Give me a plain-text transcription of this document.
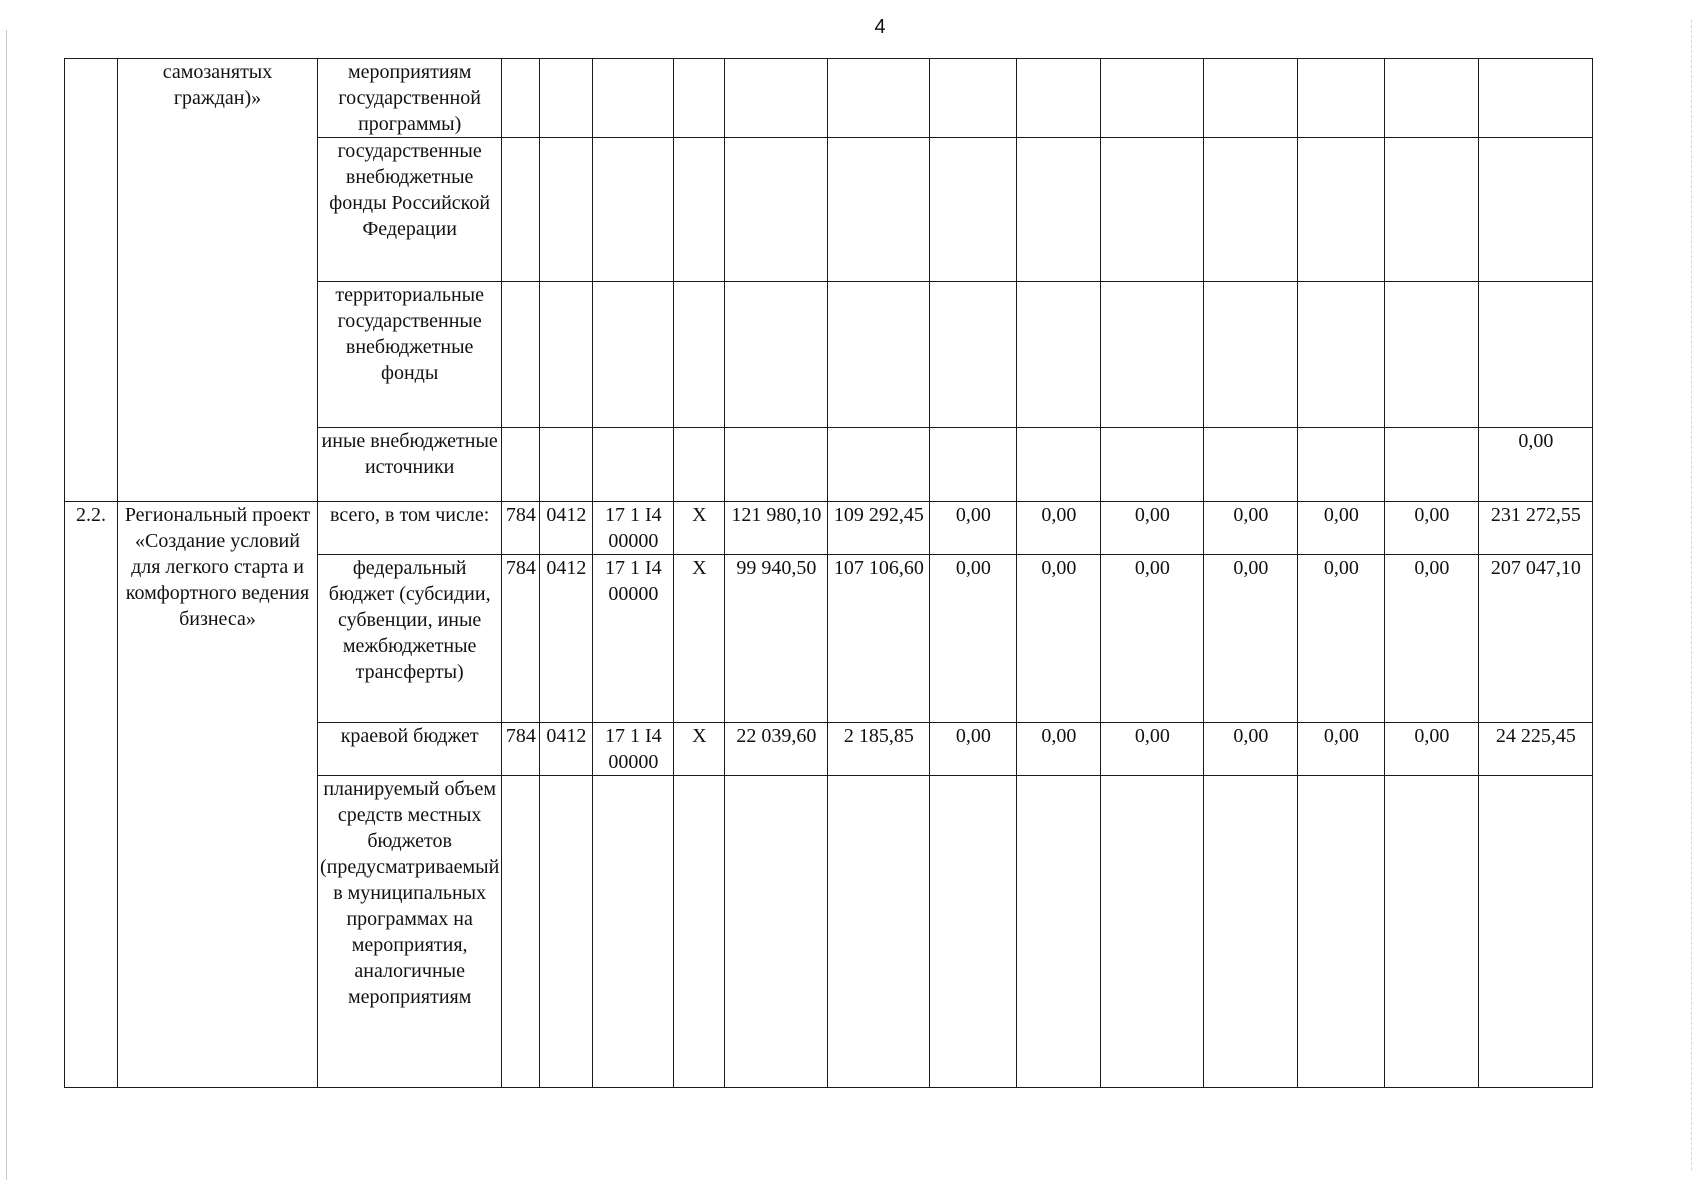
4
	самозанятых граждан)»	мероприятиям государственной программы)													
		государственные внебюджетные фонды Российской Федерации													
		территориальные государственные внебюджетные фонды													
		иные внебюджетные источники													0,00
2.2.	Региональный проект «Создание условий для легкого старта и комфортного ведения бизнеса»	всего, в том числе:	784	0412	17 1 I4 00000	X	121 980,10	109 292,45	0,00	0,00	0,00	0,00	0,00	0,00	231 272,55
		федеральный бюджет (субсидии, субвенции, иные межбюджетные трансферты)	784	0412	17 1 I4 00000	X	99 940,50	107 106,60	0,00	0,00	0,00	0,00	0,00	0,00	207 047,10
		краевой бюджет	784	0412	17 1 I4 00000	X	22 039,60	2 185,85	0,00	0,00	0,00	0,00	0,00	0,00	24 225,45
		планируемый объем средств местных бюджетов (предусматриваемый в муниципальных программах на мероприятия, аналогичные мероприятиям													
